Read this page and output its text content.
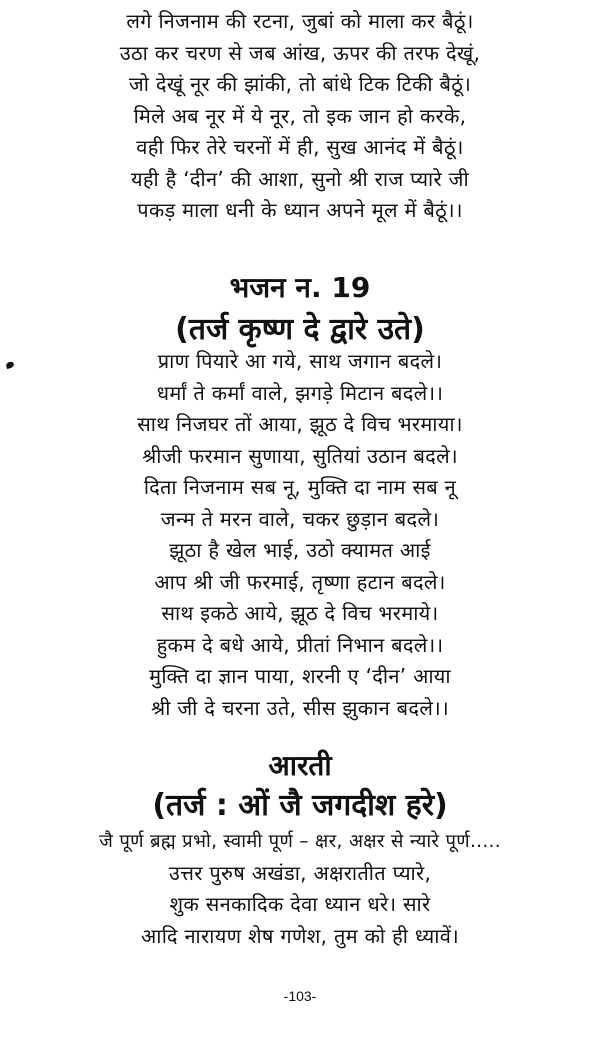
लगे निजनाम की रटना, जुबां को माला कर बैठूं।
उठा कर चरण से जब आंख, ऊपर की तरफ देखूं,
जो देखूं नूर की झांकी, तो बांधे टिक टिकी बैठूं।
मिले अब नूर में ये नूर, तो इक जान हो करके,
वही फिर तेरे चरनों में ही, सुख आनंद में बैठूं।
यही है ‘दीन’ की आशा, सुनो श्री राज प्यारे जी
पकड़ माला धनी के ध्यान अपने मूल में बैठूं।।
भजन न. 19
(तर्ज कृष्ण दे द्वारे उते)
प्राण पियारे आ गये, साथ जगान बदले।
धर्मां ते कर्मां वाले, झगड़े मिटान बदले।।
साथ निजघर तों आया, झूठ दे विच भरमाया।
श्रीजी फरमान सुणाया, सुतियां उठान बदले।
दिता निजनाम सब नू, मुक्ति दा नाम सब नू
जन्म ते मरन वाले, चकर छुड़ान बदले।
झूठा है खेल भाई, उठो क्यामत आई
आप श्री जी फरमाई, तृष्णा हटान बदले।
साथ इकठे आये, झूठ दे विच भरमाये।
हुकम दे बधे आये, प्रीतां निभान बदले।।
मुक्ति दा ज्ञान पाया, शरनी ए ‘दीन’ आया
श्री जी दे चरना उते, सीस झुकान बदले।।
आरती
(तर्ज : ओं जै जगदीश हरे)
जै पूर्ण ब्रह्म प्रभो, स्वामी पूर्ण – क्षर, अक्षर से न्यारे पूर्ण.....
उत्तर पुरुष अखंडा, अक्षरातीत प्यारे,
शुक सनकादिक देवा ध्यान धरे। सारे
आदि नारायण शेष गणेश, तुम को ही ध्यावें।
-103-
